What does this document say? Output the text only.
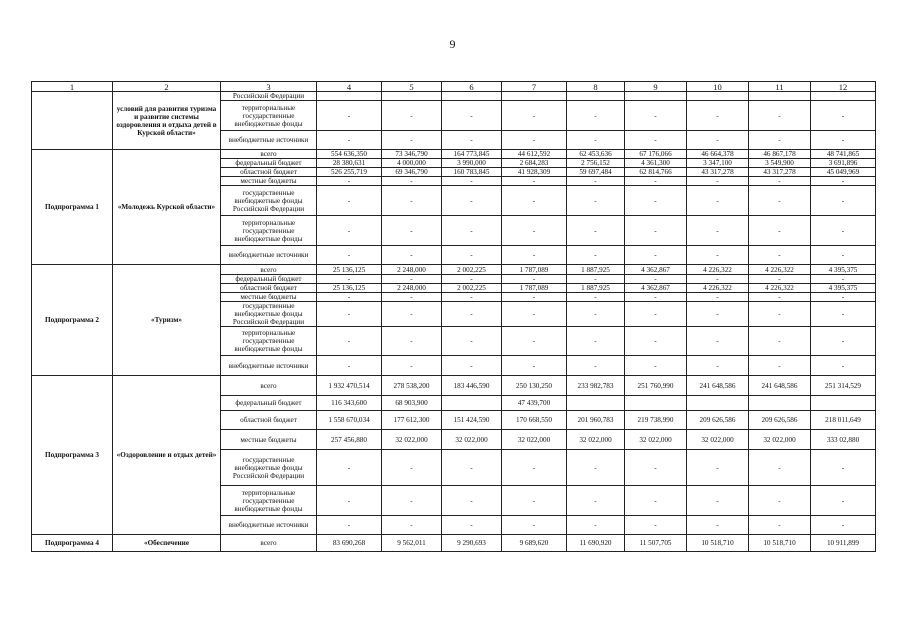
9
1	2	3	4	5	6	7	8	9	10	11	12
	условий для развития туризма и развитие системы оздоровления и отдыха детей в Курской области»	Российской Федерации									
		территориальные государственные внебюджетные фонды	-	-	-	-	-	-	-	-	-
		внебюджетные источники	-	-	-	-	-	-	-	-	-
Подпрограмма 1	«Молодежь Курской области»	всего	554 636,350	73 346,790	164 773,845	44 612,592	62 453,636	67 176,066	46 664,378	46 867,178	48 741,865
		федеральный бюджет	28 380,631	4 000,000	3 990,000	2 684,283	2 756,152	4 361,300	3 347,100	3 549,900	3 691,896
		областной бюджет	526 255,719	69 346,790	160 783,845	41 928,309	59 697,484	62 814,766	43 317,278	43 317,278	45 049,969
		местные бюджеты	-	-	-	-	-	-	-	-	-
		государственные внебюджетные фонды Российской Федерации	-	-	-	-	-	-	-	-	-
		территориальные государственные внебюджетные фонды	-	-	-	-	-	-	-	-	-
		внебюджетные источники	-	-	-	-	-	-	-	-	-
Подпрограмма 2	«Туризм»	всего	25 136,125	2 248,000	2 002,225	1 787,089	1 887,925	4 362,867	4 226,322	4 226,322	4 395,375
		федеральный бюджет	-	-	-	-	-	-	-	-	-
		областной бюджет	25 136,125	2 248,000	2 002,225	1 787,089	1 887,925	4 362,867	4 226,322	4 226,322	4 395,375
		местные бюджеты	-	-	-	-	-	-	-	-	-
		государственные внебюджетные фонды Российской Федерации	-	-	-	-	-	-	-	-	-
		территориальные государственные внебюджетные фонды	-	-	-	-	-	-	-	-	-
		внебюджетные источники	-	-	-	-	-	-	-	-	-
Подпрограмма 3	«Оздоровление и отдых детей»	всего	1 932 470,514	278 538,200	183 446,590	250 130,250	233 982,783	251 760,990	241 648,586	241 648,586	251 314,529
		федеральный бюджет	116 343,600	68 903,900		47 439,700					
		областной бюджет	1 558 670,034	177 612,300	151 424,590	170 668,550	201 960,783	219 738,990	209 626,586	209 626,586	218 011,649
		местные бюджеты	257 456,880	32 022,000	32 022,000	32 022,000	32 022,000	32 022,000	32 022,000	32 022,000	333 02,880
		государственные внебюджетные фонды Российской Федерации	-	-	-	-	-	-	-	-	-
		территориальные государственные внебюджетные фонды	-	-	-	-	-	-	-	-	-
		внебюджетные источники	-	-	-	-	-	-	-	-	-
Подпрограмма 4	«Обеспечение	всего	83 690,268	9 562,011	9 290,693	9 689,620	11 690,920	11 507,705	10 518,710	10 518,710	10 911,899
